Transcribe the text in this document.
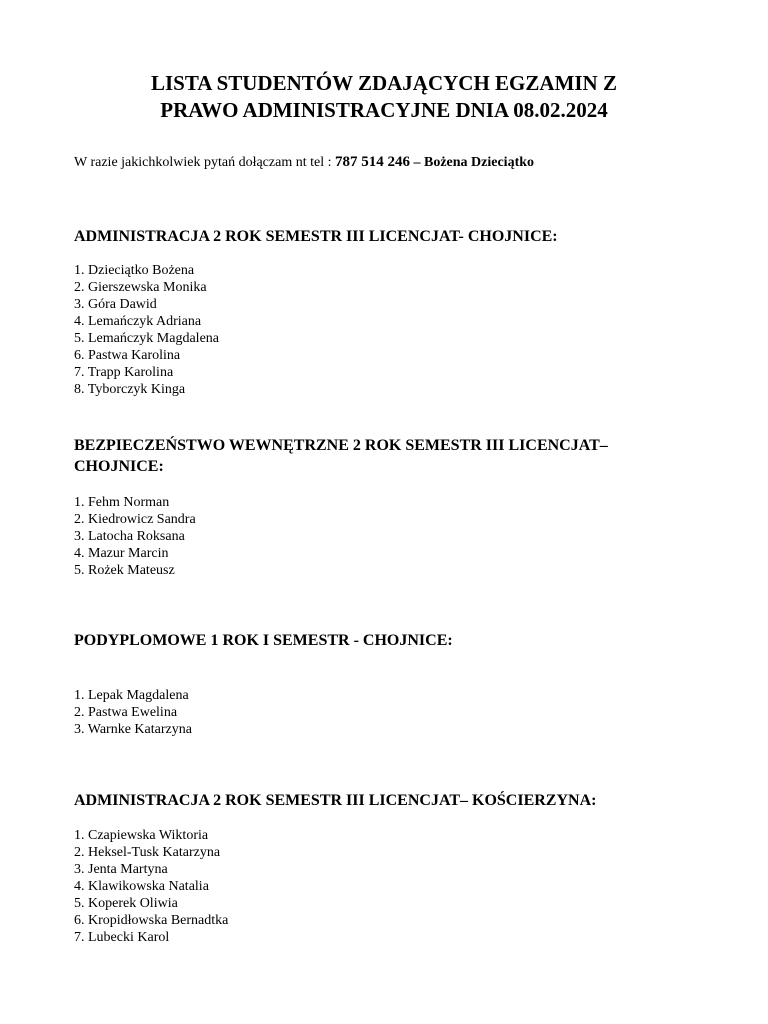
LISTA STUDENTÓW ZDAJĄCYCH EGZAMIN Z
PRAWO ADMINISTRACYJNE DNIA 08.02.2024
W razie jakichkolwiek pytań dołączam nt tel : 787 514 246 – Bożena Dzieciątko
ADMINISTRACJA 2 ROK SEMESTR III LICENCJAT- CHOJNICE:
1. Dzieciątko Bożena
2. Gierszewska Monika
3. Góra Dawid
4. Lemańczyk Adriana
5. Lemańczyk Magdalena
6. Pastwa Karolina
7. Trapp Karolina
8. Tyborczyk Kinga
BEZPIECZEŃSTWO WEWNĘTRZNE 2 ROK SEMESTR III LICENCJAT–
CHOJNICE:
1. Fehm Norman
2. Kiedrowicz Sandra
3. Latocha Roksana
4. Mazur Marcin
5. Rożek Mateusz
PODYPLOMOWE 1 ROK I SEMESTR - CHOJNICE:
1. Lepak Magdalena
2. Pastwa Ewelina
3. Warnke Katarzyna
ADMINISTRACJA 2 ROK SEMESTR III LICENCJAT– KOŚCIERZYNA:
1. Czapiewska Wiktoria
2. Heksel-Tusk Katarzyna
3. Jenta Martyna
4. Klawikowska Natalia
5. Koperek Oliwia
6. Kropidłowska Bernadtka
7. Lubecki Karol
